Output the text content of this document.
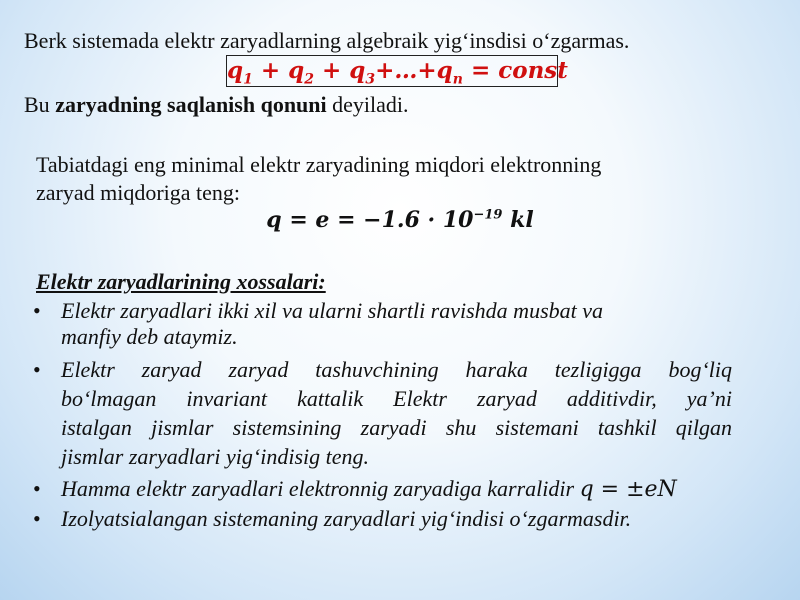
Berk sistemada elektr zaryadlarning algebraik yig‘insdisi o‘zgarmas.
$q_1 + q_2$ + $q_3+\dots+q_n$ = const
Bu zaryadning saqlanish qonuni deyiladi.
Tabiatdagi eng minimal elektr zaryadining miqdori elektronning
zaryad miqdoriga teng:
$q = e = -1.6 \cdot 10^{-19}$ kl
Elektr zaryadlarining xossalari:
• Elektr zaryadlari ikki xil va ularni shartli ravishda musbat va
manfiy deb ataymiz.
• Elektr zaryad zaryad tashuvchining haraka tezligigga bog‘liq
bo‘lmagan invariant kattalik Elektr zaryad additivdir, ya’ni
istalgan jismlar sistemsining zaryadi shu sistemani tashkil qilgan
jismlar zaryadlari yig‘indisig teng.
• Hamma elektr zaryadlari elektronnig zaryadiga karralidir q = ±eN
• Izolyatsialangan sistemaning zaryadlari yig‘indisi o‘zgarmasdir.
